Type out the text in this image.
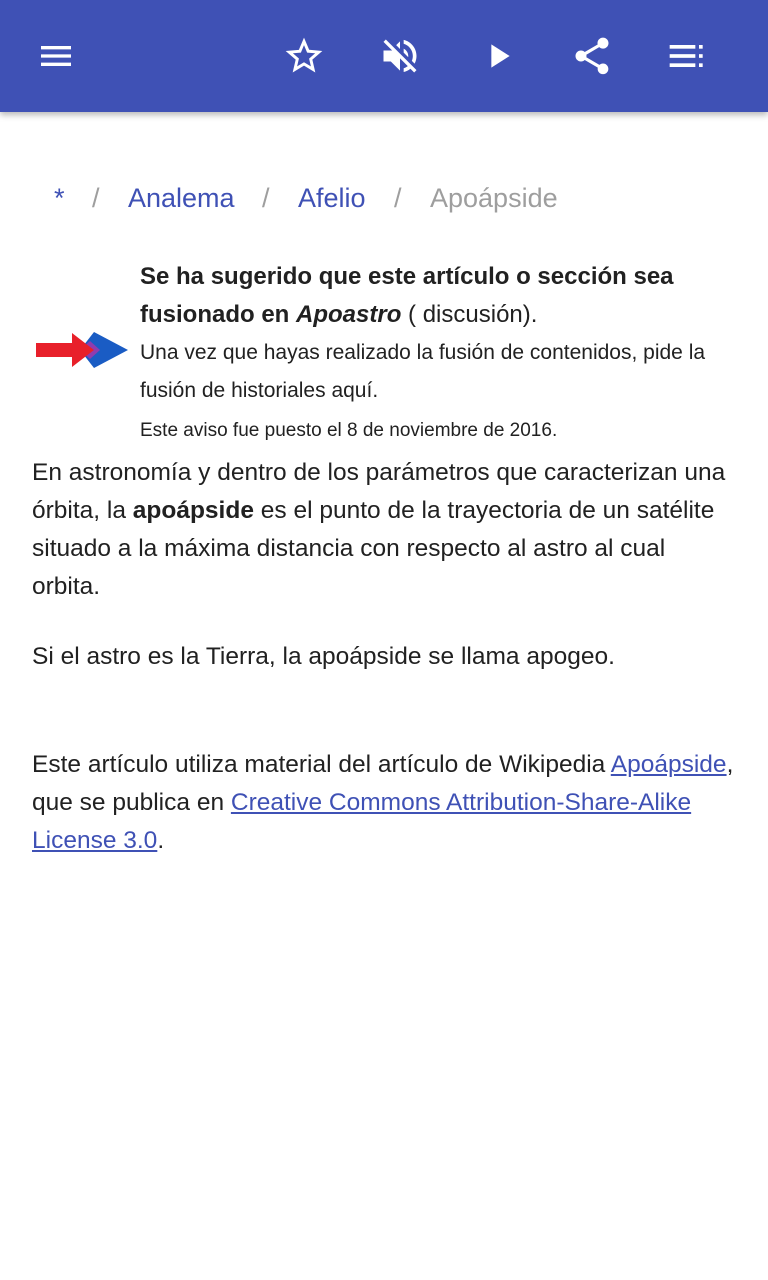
* / Analema / Afelio / Apoápside
Se ha sugerido que este artículo o sección sea fusionado en Apoastro ( discusión).
Una vez que hayas realizado la fusión de contenidos, pide la fusión de historiales aquí.
Este aviso fue puesto el 8 de noviembre de 2016.
En astronomía y dentro de los parámetros que caracterizan una órbita, la apoápside es el punto de la trayectoria de un satélite situado a la máxima distancia con respecto al astro al cual orbita.
Si el astro es la Tierra, la apoápside se llama apogeo.
Este artículo utiliza material del artículo de Wikipedia Apoápside, que se publica en Creative Commons Attribution-Share-Alike License 3.0.
